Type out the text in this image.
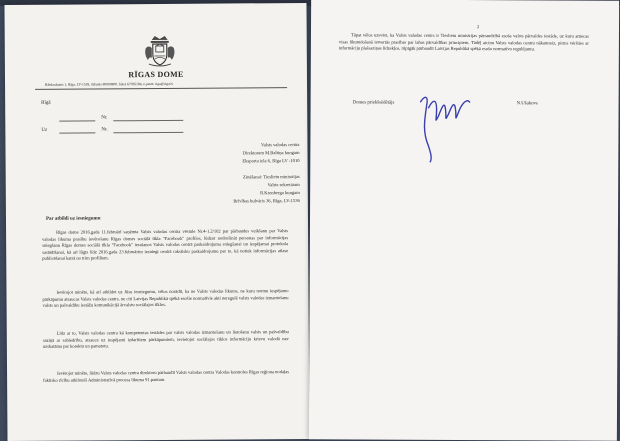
RĪGAS DOME
Rātslaukums 1, Rīga, LV-1539, tālrunis 80000800, fakss 67026184, e-pasts: riga@riga.lv
Rīgā
Nr.
Uz	Nr.
Valsts valodas centra
Direktoram M.Baltiņa kungam
Eksporta iela 6, Rīga LV -1010
Zināšanai: Tieslietu ministrijas
Valsts sekretāram
R.Kronberga kungam
Brīvības bulvāris 36, Rīga, LV-1536
Par atbildi uz iesniegumu
Rīgas dome 2016.gada 11.februārī saņēmta Valsts valodas centra vēstule Nr.4-1.2/102 par pārbaudes veikšanu par Valsts valodas likuma prasību ievērošanu Rīgas domes sociālā tīkla "Facebook" profilos, lūdzot nodrošināt personas par informācijas sniegšanu Rīgas domes sociālā tīkla "Facebook" ierašanos Valsts valodas centrā paskaidrojuma sniegšanai un iespējamai protokola sastādīšanai, kā arī lūgts līdz 2016.gada 23.februārim iesniegt centrā rakstisku paskaidrojumu par to, kā notiek informācijas atlase publicēšanai katrā no trim profiliem.
Ievērojot minēto, kā arī atbildot uz Jūsu iesniegumu, vēlos norādīt, ka ne Valsts valodas likums, ne kuru normu iespējamo pārkāpumu atsaucas Valsts valodas centrs, ne citi Latvijas Republikā spēkā esošie normatīvie akti neregulē valsts valodas izmantošanu valsts un pašvaldību iestāžu komunikācijā ārvalstu sociālajos tīklos.
Līdz ar to, Valsts valodas centra kā kompetentas iestādes par valsts valodas izmantošanu un lietošanu valsts un pašvaldību saziņā ar sabiedrību, atsauce uz iespējami izdarītiem pārkāpumiem, ievietojot sociālajos tīklos informāciju krievu valodā nav uzskatāma par korektu un pamatotu.
Ievērojot minēto, lūdzu Valsts valodas centra direktoru pārbaudīt Valsts valodas centra Valodas kontroles Rīgas reģiona nodaļas faktisko rīcību atbilstoši Administratīvā procesa likuma 91.pantam.
2
Tāpat vēlos uzsvērt, ka Valsts valodas centrs ir Tieslietu ministrijas pārraudzībā esoša valsts pārvaldes iestāde, uz kuru attiecas visas likumdošanā ietvertās prasības par labas pārvaldības principiem. Tādēļ aicinu Valsts valodas centru nākamreiz, pirms vēršties ar informāciju plašsaziņas līdzekļos, rūpīgāk pārbaudīt Latvijas Republikā spēkā esošo normatīvo regulējumu.
Domes priekšsēdētājs	N.Ušakovs
